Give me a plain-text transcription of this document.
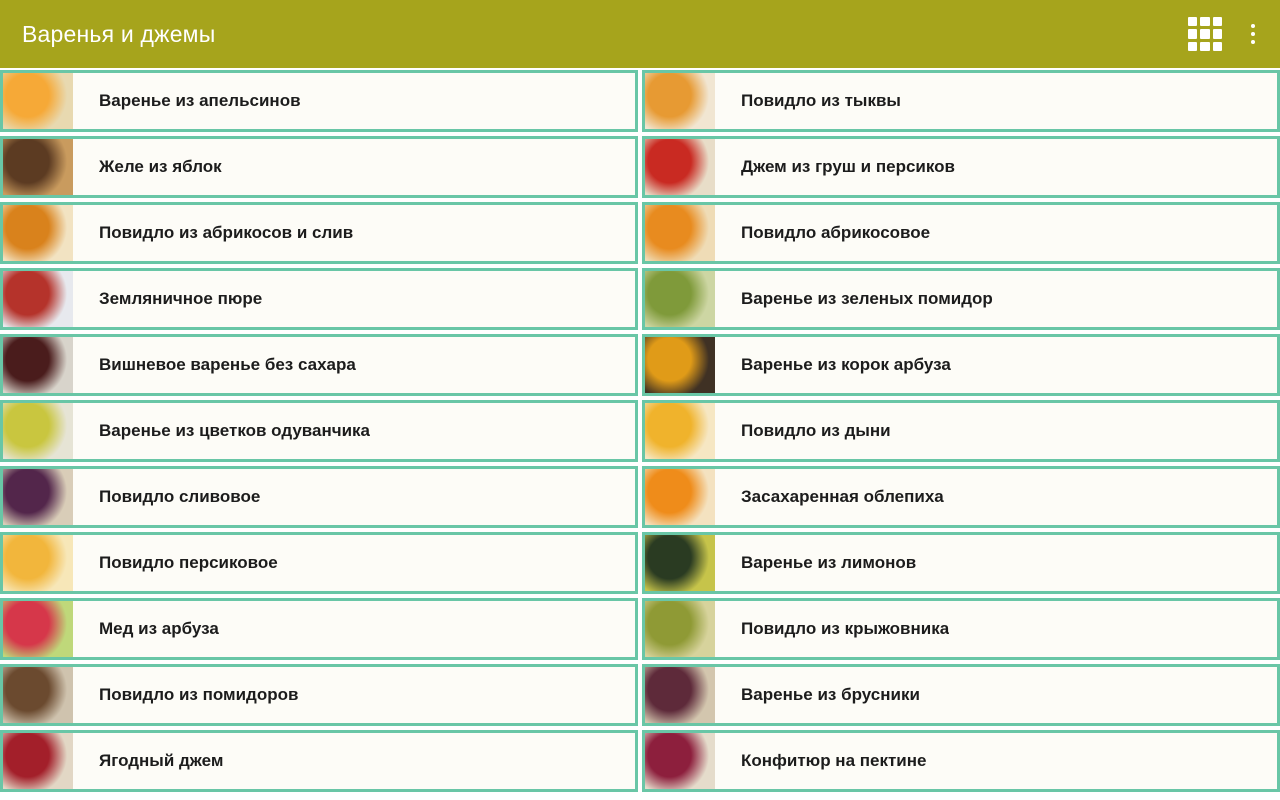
Варенья и джемы
Варенье из апельсинов
Желе из яблок
Повидло из абрикосов и слив
Земляничное пюре
Вишневое варенье без сахара
Варенье из цветков одуванчика
Повидло сливовое
Повидло персиковое
Мед из арбуза
Повидло из помидоров
Ягодный джем
Повидло из тыквы
Джем из груш и персиков
Повидло абрикосовое
Варенье из зеленых помидор
Варенье из корок арбуза
Повидло из дыни
Засахаренная облепиха
Варенье из лимонов
Повидло из крыжовника
Варенье из брусники
Конфитюр на пектине
